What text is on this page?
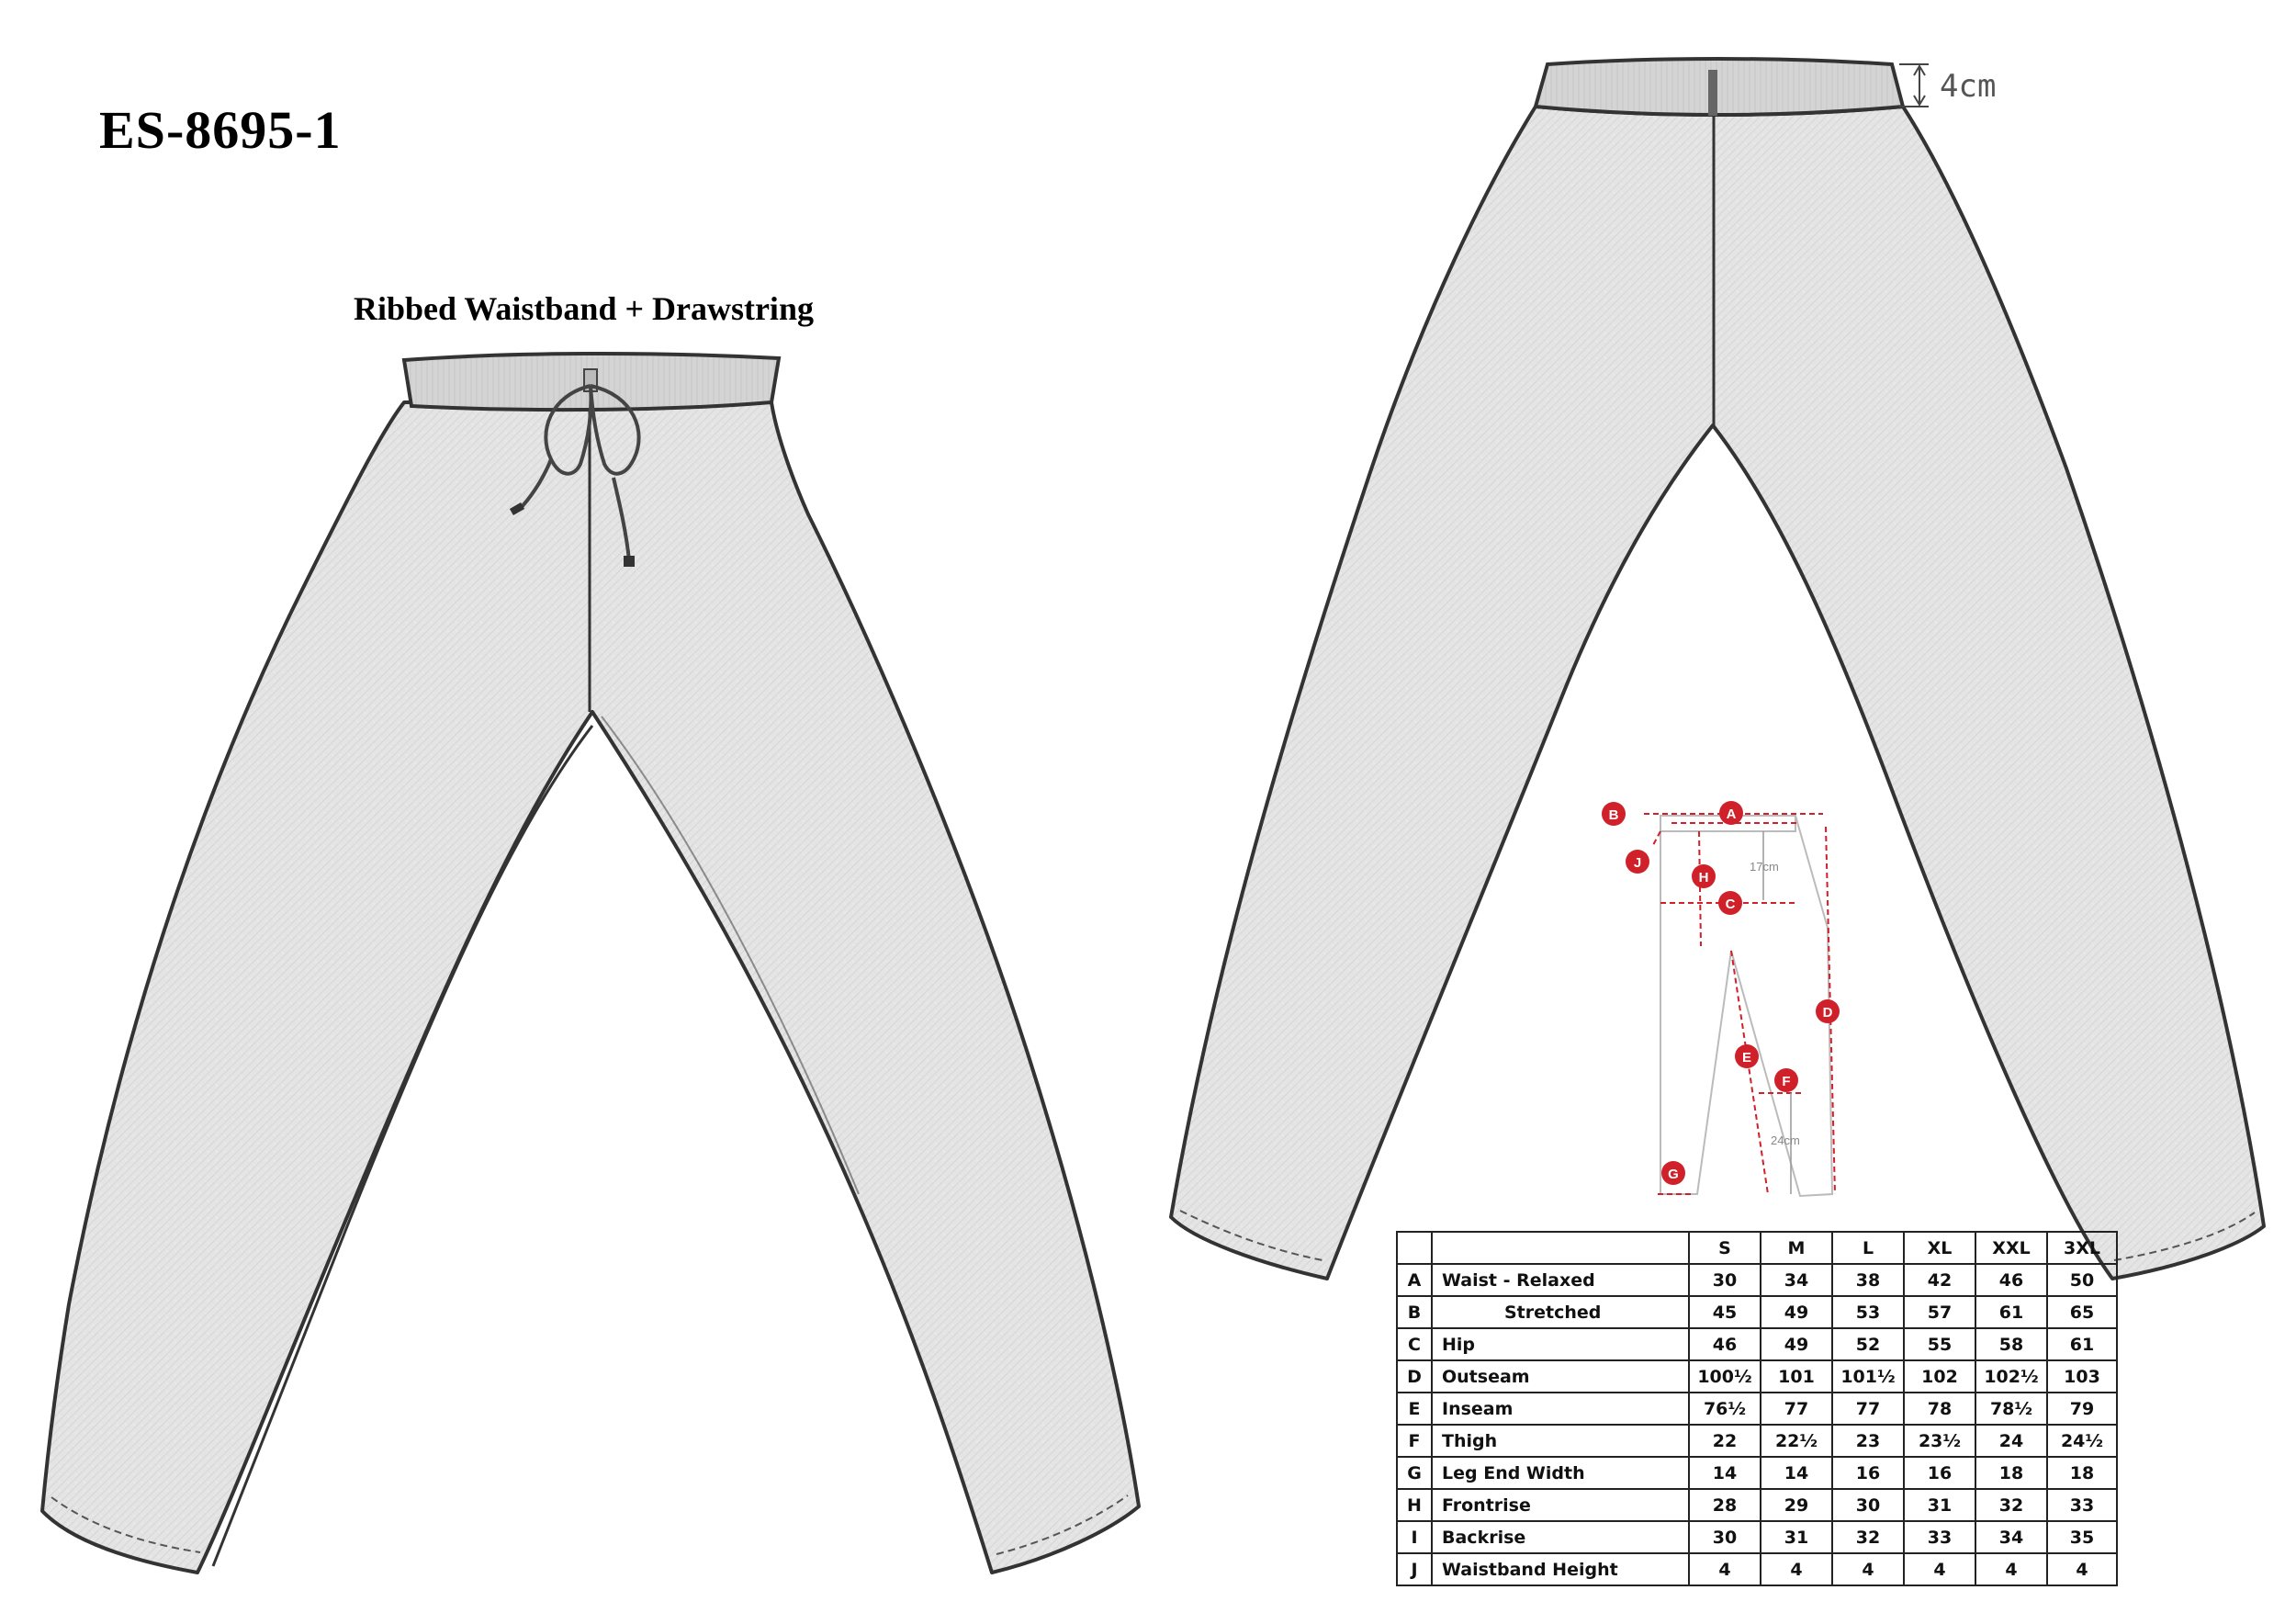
ES-8695-1
Ribbed Waistband + Drawstring
4cm
17cm
24cm
B	A
J
H
C
D
E
F
G
		S	M	L	XL	XXL	3XL
A	Waist - Relaxed	30	34	38	42	46	50
B	Stretched	45	49	53	57	61	65
C	Hip	46	49	52	55	58	61
D	Outseam	100½	101	101½	102	102½	103
E	Inseam	76½	77	77	78	78½	79
F	Thigh	22	22½	23	23½	24	24½
G	Leg End Width	14	14	16	16	18	18
H	Frontrise	28	29	30	31	32	33
I	Backrise	30	31	32	33	34	35
J	Waistband Height	4	4	4	4	4	4
